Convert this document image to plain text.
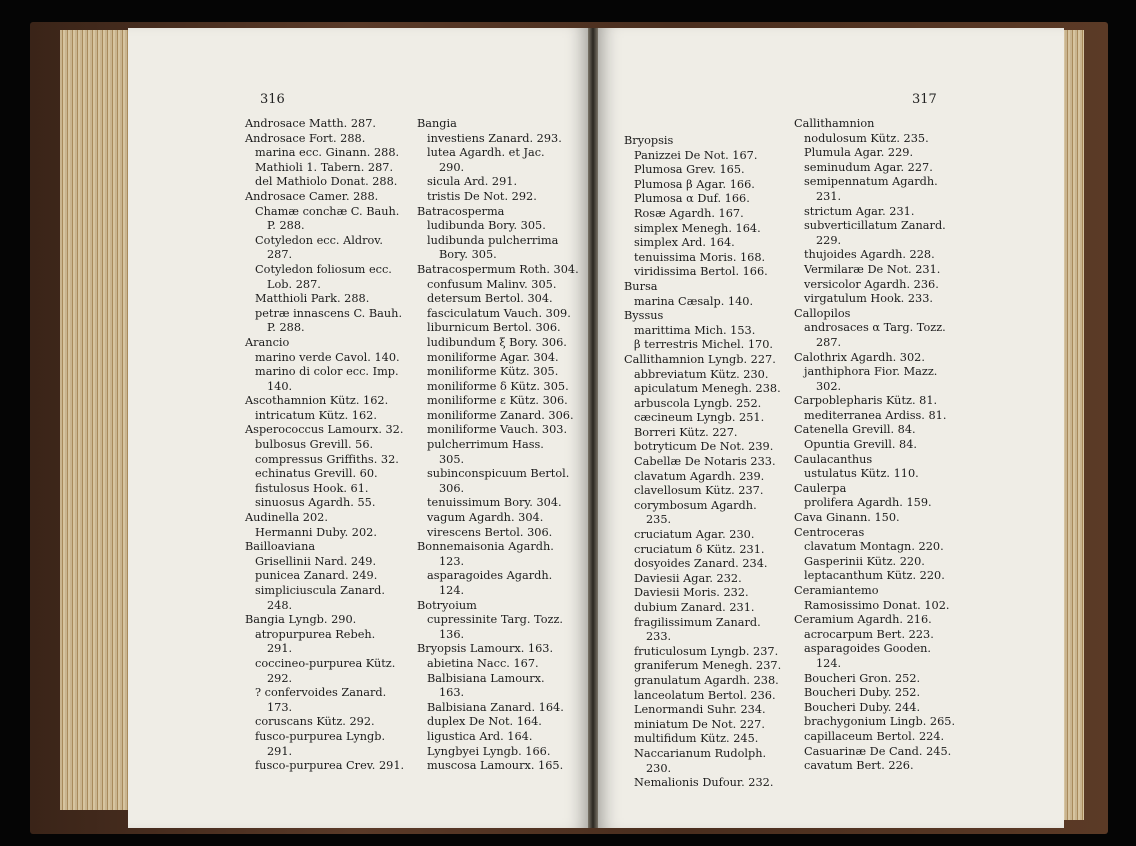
316	317
Androsace Matth. 287.
Androsace Fort. 288.
marina ecc. Ginann. 288.
Mathioli 1. Tabern. 287.
del Mathiolo Donat. 288.
Androsace Camer. 288.
Chamæ conchæ C. Bauh.
P. 288.
Cotyledon ecc. Aldrov.
287.
Cotyledon foliosum ecc.
Lob. 287.
Matthioli Park. 288.
petræ innascens C. Bauh.
P. 288.
Arancio
marino verde Cavol. 140.
marino di color ecc. Imp.
140.
Ascothamnion Kütz. 162.
intricatum Kütz. 162.
Asperococcus Lamourx. 32.
bulbosus Grevill. 56.
compressus Griffiths. 32.
echinatus Grevill. 60.
fistulosus Hook. 61.
sinuosus Agardh. 55.
Audinella 202.
Hermanni Duby. 202.
Bailloaviana
Grisellinii Nard. 249.
punicea Zanard. 249.
simpliciuscula Zanard.
248.
Bangia Lyngb. 290.
atropurpurea Rebeh.
291.
coccineo-purpurea Kütz.
292.
? confervoides Zanard.
173.
coruscans Kütz. 292.
fusco-purpurea Lyngb.
291.
fusco-purpurea Crev. 291.
Bangia
investiens Zanard. 293.
lutea Agardh. et Jac.
290.
sicula Ard. 291.
tristis De Not. 292.
Batracosperma
ludibunda Bory. 305.
ludibunda pulcherrima
Bory. 305.
Batracospermum Roth. 304.
confusum Malinv. 305.
detersum Bertol. 304.
fasciculatum Vauch. 309.
liburnicum Bertol. 306.
ludibundum ξ Bory. 306.
moniliforme Agar. 304.
moniliforme Kütz. 305.
moniliforme δ Kütz. 305.
moniliforme ε Kütz. 306.
moniliforme Zanard. 306.
moniliforme Vauch. 303.
pulcherrimum Hass.
305.
subinconspicuum Bertol.
306.
tenuissimum Bory. 304.
vagum Agardh. 304.
virescens Bertol. 306.
Bonnemaisonia Agardh.
123.
asparagoides Agardh.
124.
Botryoium
cupressinite Targ. Tozz.
136.
Bryopsis Lamourx. 163.
abietina Nacc. 167.
Balbisiana Lamourx.
163.
Balbisiana Zanard. 164.
duplex De Not. 164.
ligustica Ard. 164.
Lyngbyei Lyngb. 166.
muscosa Lamourx. 165.
Bryopsis
Panizzei De Not. 167.
Plumosa Grev. 165.
Plumosa β Agar. 166.
Plumosa α Duf. 166.
Rosæ Agardh. 167.
simplex Menegh. 164.
simplex Ard. 164.
tenuissima Moris. 168.
viridissima Bertol. 166.
Bursa
marina Cæsalp. 140.
Byssus
marittima Mich. 153.
β terrestris Michel. 170.
Callithamnion Lyngb. 227.
abbreviatum Kütz. 230.
apiculatum Menegh. 238.
arbuscola Lyngb. 252.
cæcineum Lyngb. 251.
Borreri Kütz. 227.
botryticum De Not. 239.
Cabellæ De Notaris 233.
clavatum Agardh. 239.
clavellosum Kütz. 237.
corymbosum Agardh.
235.
cruciatum Agar. 230.
cruciatum δ Kütz. 231.
dosyoides Zanard. 234.
Daviesii Agar. 232.
Daviesii Moris. 232.
dubium Zanard. 231.
fragilissimum Zanard.
233.
fruticulosum Lyngb. 237.
graniferum Menegh. 237.
granulatum Agardh. 238.
lanceolatum Bertol. 236.
Lenormandi Suhr. 234.
miniatum De Not. 227.
multifidum Kütz. 245.
Naccarianum Rudolph.
230.
Nemalionis Dufour. 232.
Callithamnion
nodulosum Kütz. 235.
Plumula Agar. 229.
seminudum Agar. 227.
semipennatum Agardh.
231.
strictum Agar. 231.
subverticillatum Zanard.
229.
thujoides Agardh. 228.
Vermilaræ De Not. 231.
versicolor Agardh. 236.
virgatulum Hook. 233.
Callopilos
androsaces α Targ. Tozz.
287.
Calothrix Agardh. 302.
janthiphora Fior. Mazz.
302.
Carpoblepharis Kütz. 81.
mediterranea Ardiss. 81.
Catenella Grevill. 84.
Opuntia Grevill. 84.
Caulacanthus
ustulatus Kütz. 110.
Caulerpa
prolifera Agardh. 159.
Cava Ginann. 150.
Centroceras
clavatum Montagn. 220.
Gasperinii Kütz. 220.
leptacanthum Kütz. 220.
Ceramiantemo
Ramosissimo Donat. 102.
Ceramium Agardh. 216.
acrocarpum Bert. 223.
asparagoides Gooden.
124.
Boucheri Gron. 252.
Boucheri Duby. 252.
Boucheri Duby. 244.
brachygonium Lingb. 265.
capillaceum Bertol. 224.
Casuarinæ De Cand. 245.
cavatum Bert. 226.
